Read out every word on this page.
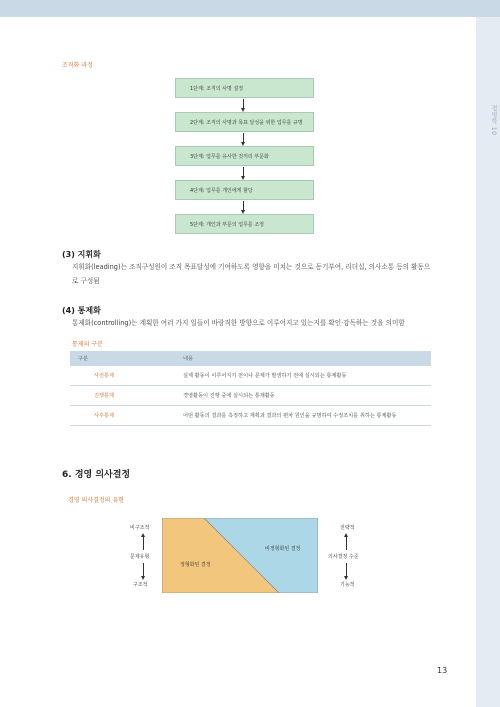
경영학 10
조직화 과정
1단계: 조직의 사명 설정
2단계: 조직의 사명과 목표 달성을 위한 업무를 규명
3단계: 업무를 유사한 것끼리 부문화
4단계: 업무를 개인에게 할당
5단계: 개인과 부문의 업무를 조정
(3) 지휘화
지휘화(leading)는 조직구성원이 조직 목표달성에 기여하도록 영향을 미치는 것으로 동기부여, 리더십, 의사소통 등의 활동으로 구성됨
(4) 통제화
통제화(controlling)는 계획한 여러 가지 일들이 바람직한 방향으로 이루어지고 있는지를 확인·감독하는 것을 의미함
통제의 구분
구분	내용
사전통제	실제 활동이 이루어지기 전이나 문제가 발생하기 전에 실시되는 통제활동
진행통제	경영활동이 진행 중에 실시되는 통제활동
사후통제	어떤 활동의 결과를 측정하고 계획과 결과의 편차 원인을 규명하여 수정조치를 취하는 통제활동
6. 경영 의사결정
경영 의사결정의 유형
비구조적
문제유형
구조적
정형화된 결정
비정형화된 결정
전략적
의사결정 수준
기능적
13
